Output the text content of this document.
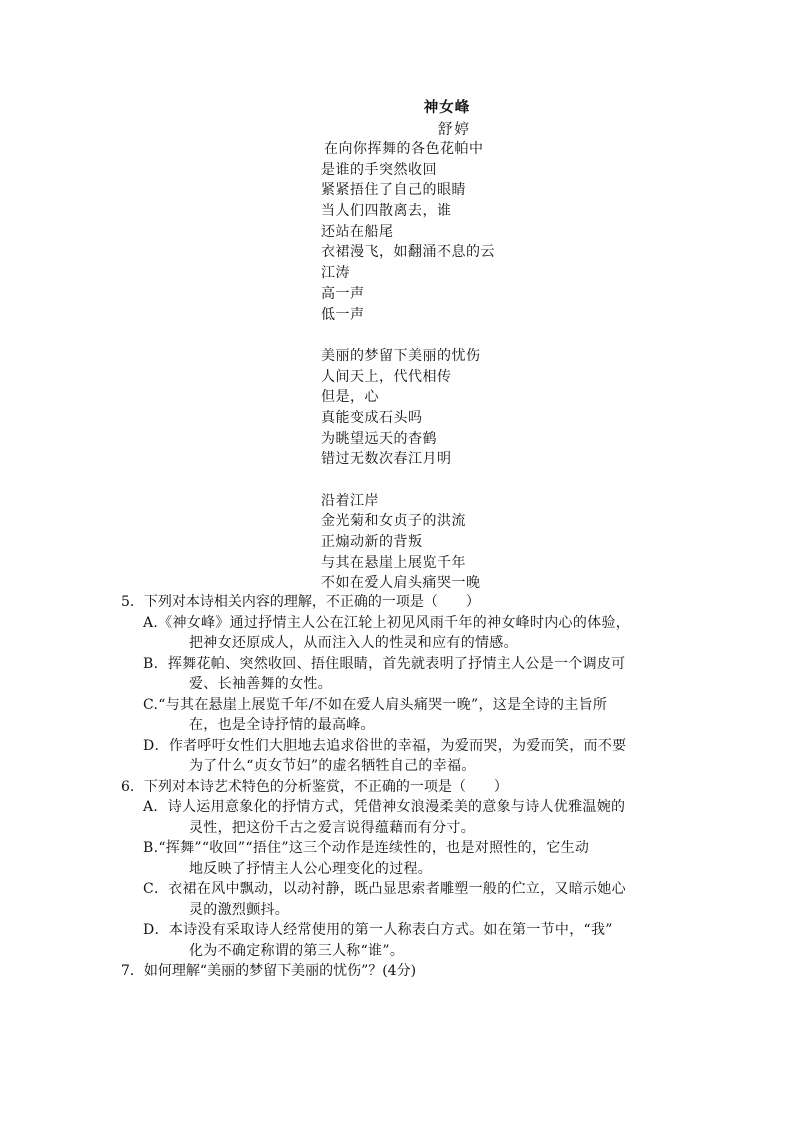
神女峰
舒婷
在向你挥舞的各色花帕中
是谁的手突然收回
紧紧捂住了自己的眼睛
当人们四散离去，谁
还站在船尾
衣裙漫飞，如翻涌不息的云
江涛
高一声
低一声
美丽的梦留下美丽的忧伤
人间天上，代代相传
但是，心
真能变成石头吗
为眺望远天的杳鹤
错过无数次春江月明
沿着江岸
金光菊和女贞子的洪流
正煽动新的背叛
与其在悬崖上展览千年
不如在爱人肩头痛哭一晚
5．下列对本诗相关内容的理解，不正确的一项是（　　）
A.《神女峰》通过抒情主人公在江轮上初见风雨千年的神女峰时内心的体验，
把神女还原成人，从而注入人的性灵和应有的情感。
B．挥舞花帕、突然收回、捂住眼睛，首先就表明了抒情主人公是一个调皮可
爱、长袖善舞的女性。
C.“与其在悬崖上展览千年/不如在爱人肩头痛哭一晚”，这是全诗的主旨所
在，也是全诗抒情的最高峰。
D．作者呼吁女性们大胆地去追求俗世的幸福，为爱而哭，为爱而笑，而不要
为了什么“贞女节妇”的虚名牺牲自己的幸福。
6．下列对本诗艺术特色的分析鉴赏，不正确的一项是（　　）
A．诗人运用意象化的抒情方式，凭借神女浪漫柔美的意象与诗人优雅温婉的
灵性，把这份千古之爱言说得蕴藉而有分寸。
B.“挥舞”“收回”“捂住”这三个动作是连续性的，也是对照性的，它生动
地反映了抒情主人公心理变化的过程。
C．衣裙在风中飘动，以动衬静，既凸显思索者雕塑一般的伫立，又暗示她心
灵的激烈颤抖。
D．本诗没有采取诗人经常使用的第一人称表白方式。如在第一节中，“我”
化为不确定称谓的第三人称“谁”。
7．如何理解“美丽的梦留下美丽的忧伤”？(4分)
